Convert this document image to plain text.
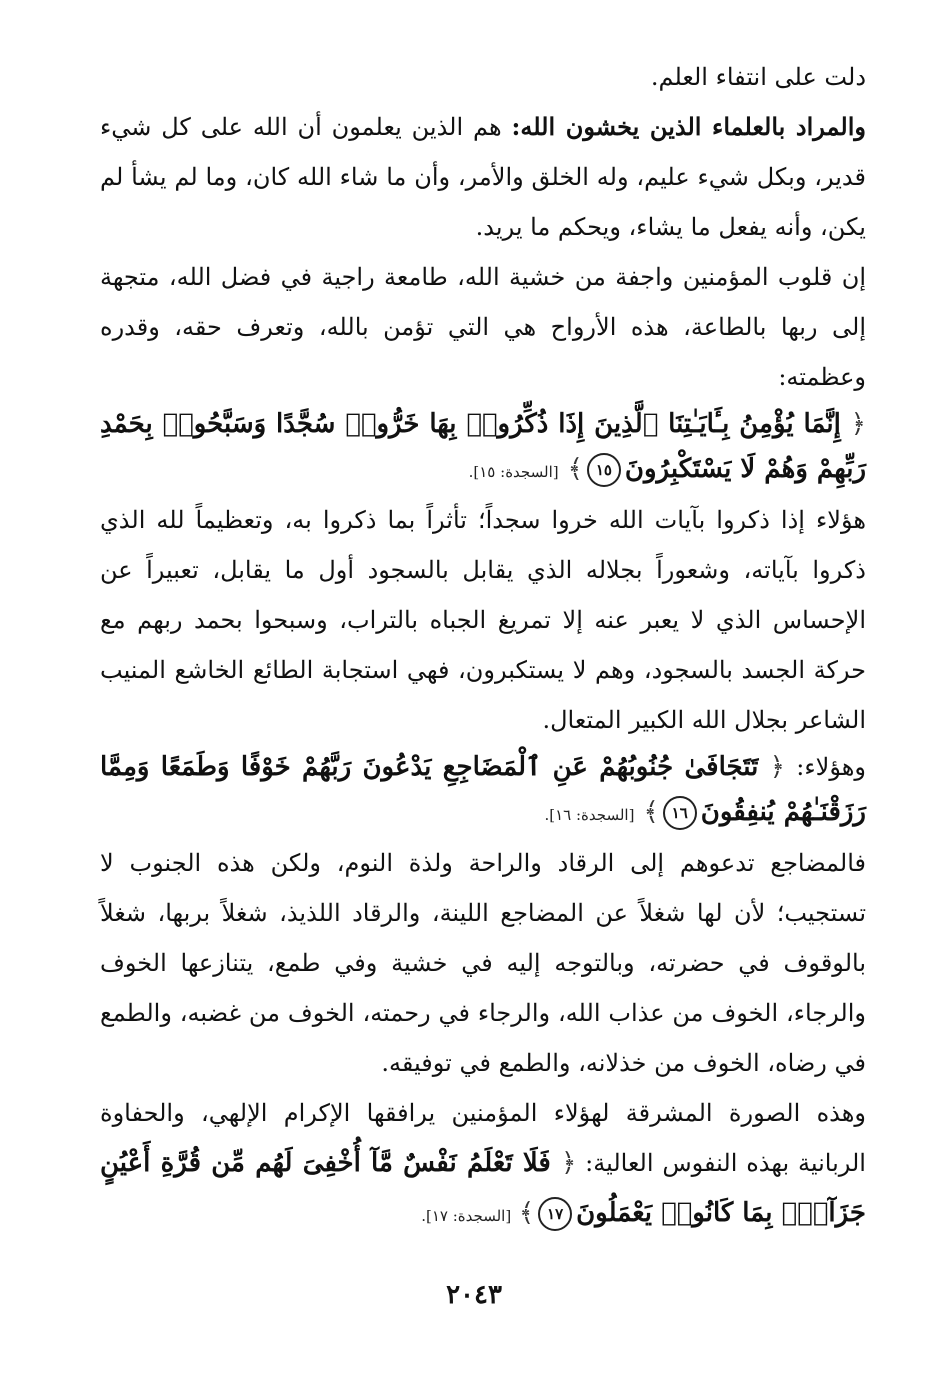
دلت على انتفاء العلم.

والمراد بالعلماء الذين يخشون الله: هم الذين يعلمون أن الله على كل شيء قدير، وبكل شيء عليم، وله الخلق والأمر، وأن ما شاء الله كان، وما لم يشأ لم يكن، وأنه يفعل ما يشاء، ويحكم ما يريد.

إن قلوب المؤمنين واجفة من خشية الله، طامعة راجية في فضل الله، متجهة إلى ربها بالطاعة، هذه الأرواح هي التي تؤمن بالله، وتعرف حقه، وقدره وعظمته:

﴿ إِنَّمَا يُؤْمِنُ بِـَٔايَـٰتِنَا ٱلَّذِينَ إِذَا ذُكِّرُوا۟ بِهَا خَرُّوا۟ سُجَّدًا وَسَبَّحُوا۟ بِحَمْدِ رَبِّهِمْ وَهُمْ لَا يَسْتَكْبِرُونَ١٥﴾ [السجدة: ١٥].

هؤلاء إذا ذكروا بآيات الله خروا سجداً؛ تأثراً بما ذكروا به، وتعظيماً لله الذي ذكروا بآياته، وشعوراً بجلاله الذي يقابل بالسجود أول ما يقابل، تعبيراً عن الإحساس الذي لا يعبر عنه إلا تمريغ الجباه بالتراب، وسبحوا بحمد ربهم مع حركة الجسد بالسجود، وهم لا يستكبرون، فهي استجابة الطائع الخاشع المنيب الشاعر بجلال الله الكبير المتعال.

وهؤلاء: ﴿ تَتَجَافَىٰ جُنُوبُهُمْ عَنِ ٱلْمَضَاجِعِ يَدْعُونَ رَبَّهُمْ خَوْفًا وَطَمَعًا وَمِمَّا رَزَقْنَـٰهُمْ يُنفِقُونَ١٦﴾ [السجدة: ١٦].

فالمضاجع تدعوهم إلى الرقاد والراحة ولذة النوم، ولكن هذه الجنوب لا تستجيب؛ لأن لها شغلاً عن المضاجع اللينة، والرقاد اللذيذ، شغلاً بربها، شغلاً بالوقوف في حضرته، وبالتوجه إليه في خشية وفي طمع، يتنازعها الخوف والرجاء، الخوف من عذاب الله، والرجاء في رحمته، الخوف من غضبه، والطمع في رضاه، الخوف من خذلانه، والطمع في توفيقه.

وهذه الصورة المشرقة لهؤلاء المؤمنين يرافقها الإكرام الإلهي، والحفاوة الربانية بهذه النفوس العالية: ﴿ فَلَا تَعْلَمُ نَفْسٌ مَّآ أُخْفِىَ لَهُم مِّن قُرَّةِ أَعْيُنٍ جَزَآءًۢ بِمَا كَانُوا۟ يَعْمَلُونَ١٧﴾ [السجدة: ١٧].

٢٠٤٣
